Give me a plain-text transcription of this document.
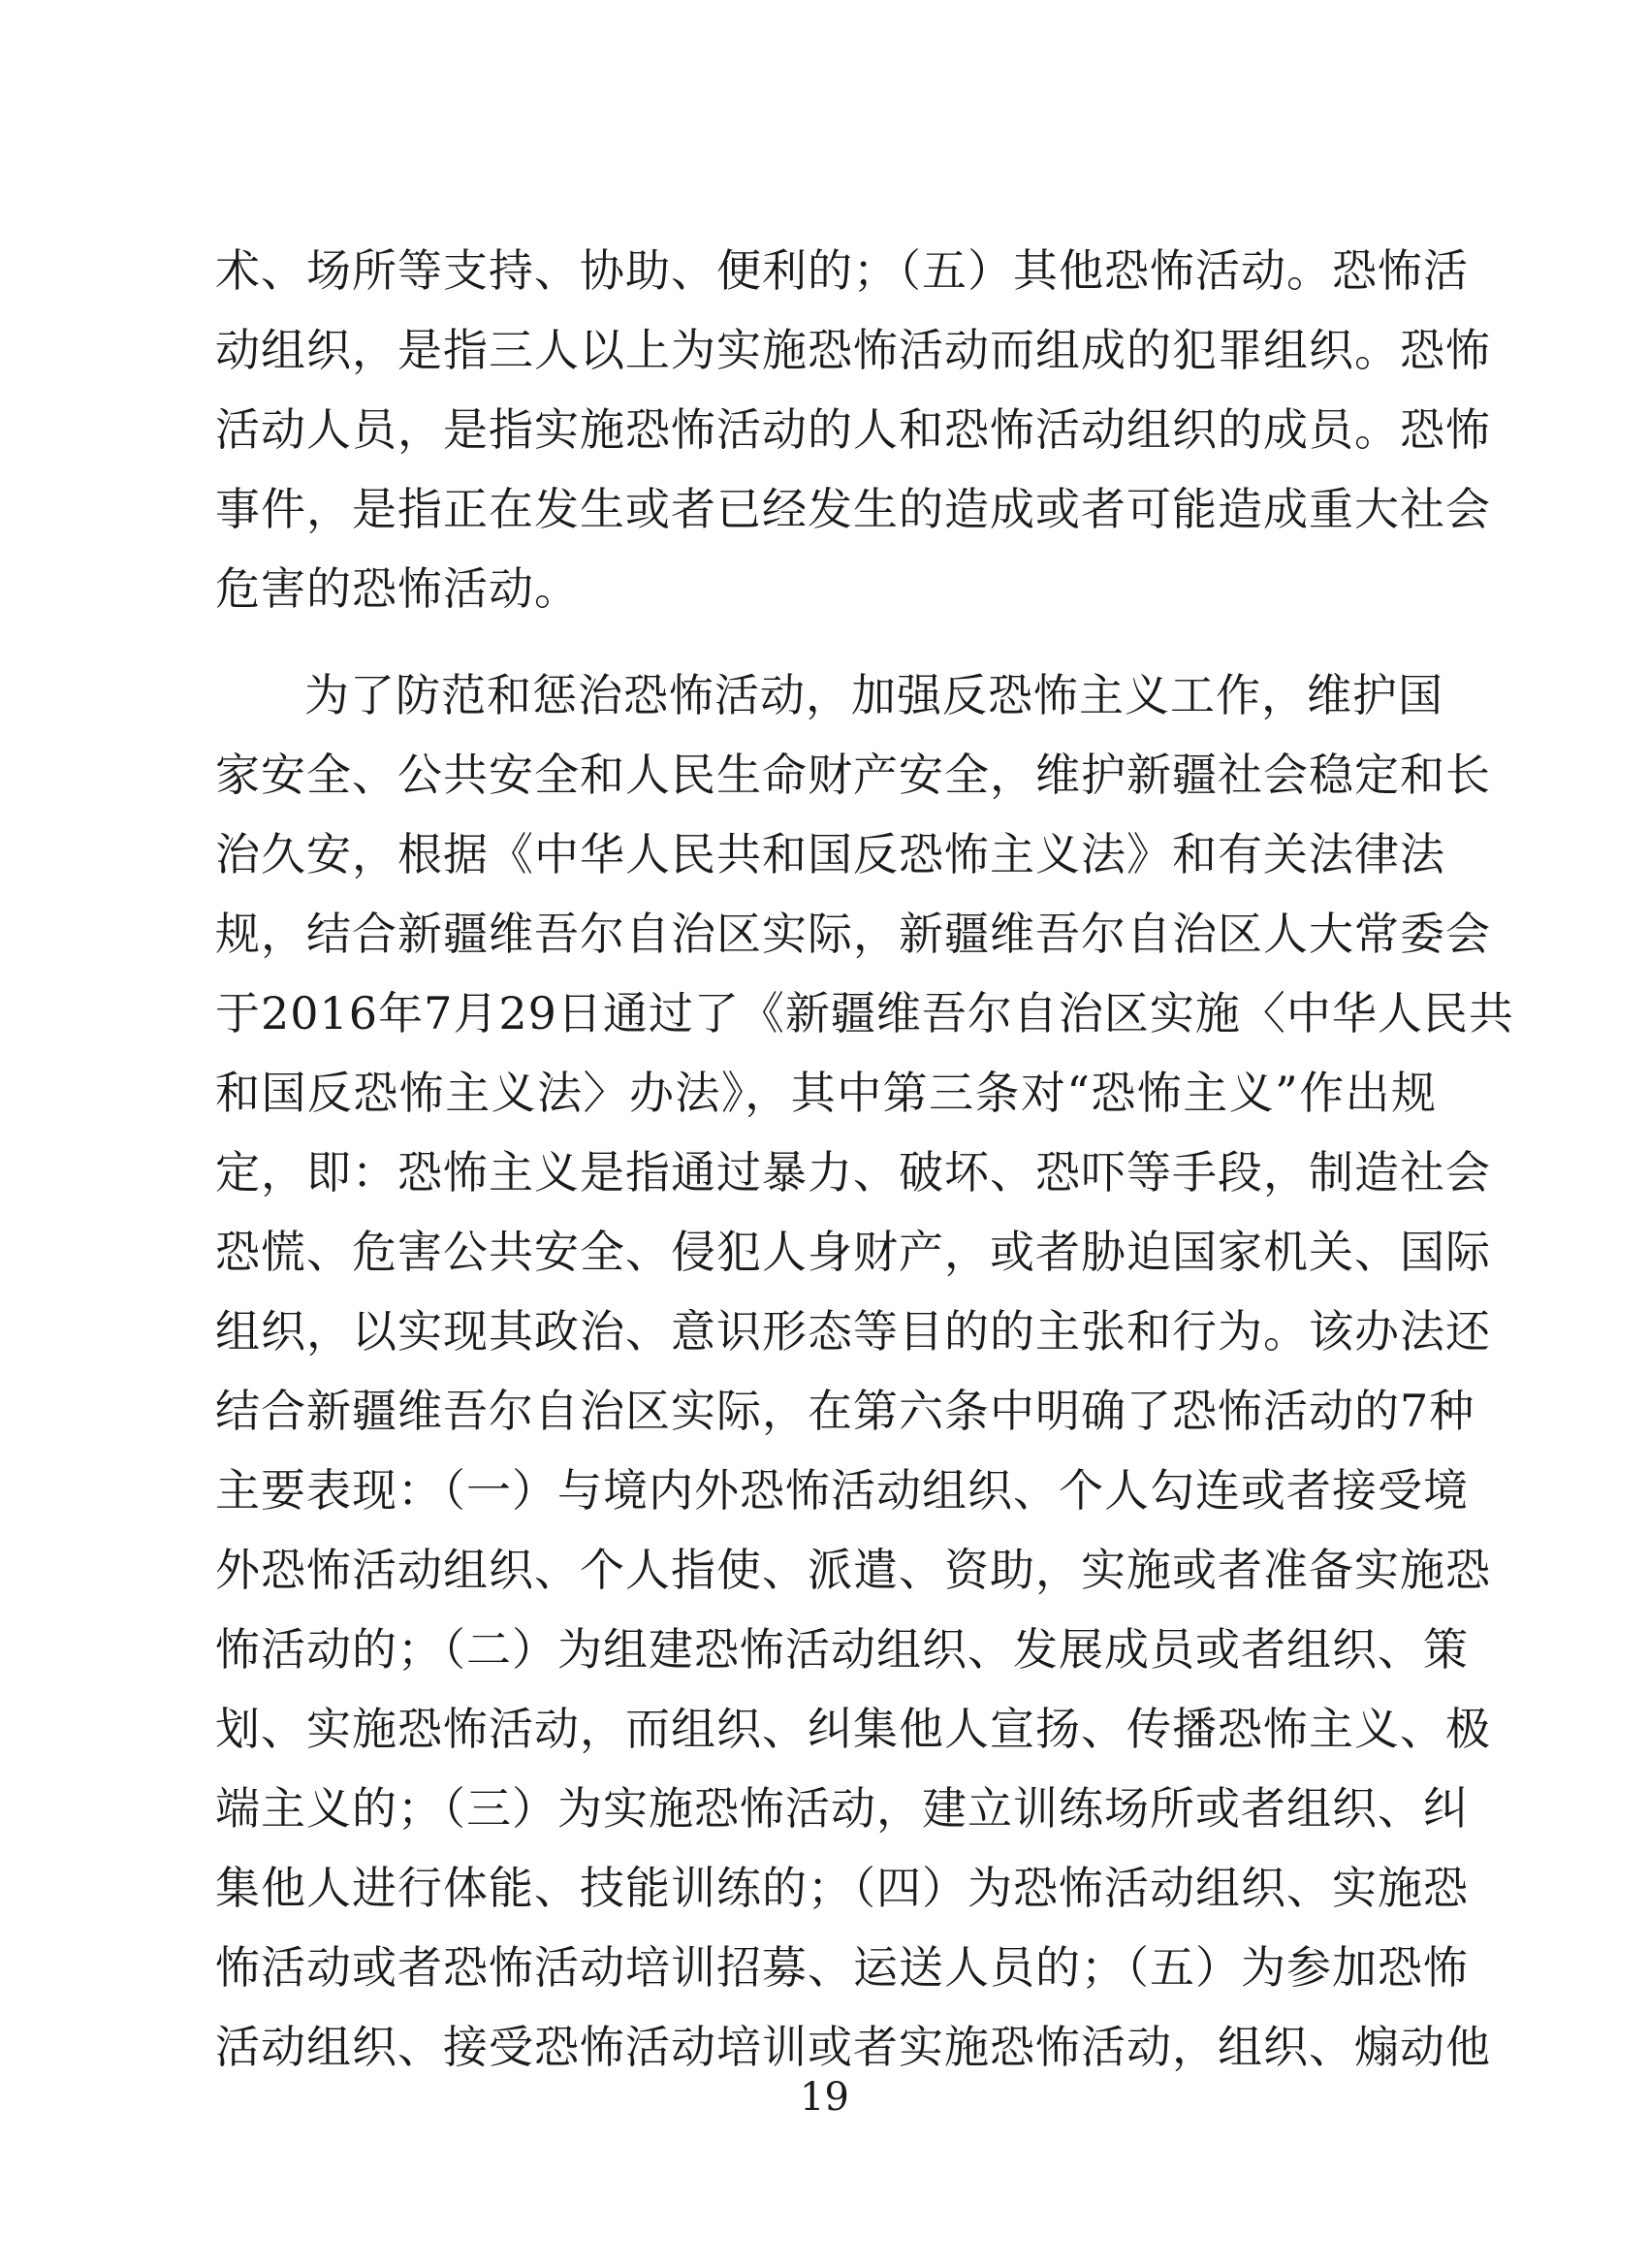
术、场所等支持、协助、便利的；（五）其他恐怖活动。恐怖活
动组织，是指三人以上为实施恐怖活动而组成的犯罪组织。恐怖
活动人员，是指实施恐怖活动的人和恐怖活动组织的成员。恐怖
事件，是指正在发生或者已经发生的造成或者可能造成重大社会
危害的恐怖活动。
为了防范和惩治恐怖活动，加强反恐怖主义工作，维护国
家安全、公共安全和人民生命财产安全，维护新疆社会稳定和长
治久安，根据《中华人民共和国反恐怖主义法》和有关法律法
规，结合新疆维吾尔自治区实际，新疆维吾尔自治区人大常委会
于2016年7月29日通过了《新疆维吾尔自治区实施〈中华人民共
和国反恐怖主义法〉办法》，其中第三条对“恐怖主义”作出规
定，即：恐怖主义是指通过暴力、破坏、恐吓等手段，制造社会
恐慌、危害公共安全、侵犯人身财产，或者胁迫国家机关、国际
组织，以实现其政治、意识形态等目的的主张和行为。该办法还
结合新疆维吾尔自治区实际，在第六条中明确了恐怖活动的7种
主要表现：（一）与境内外恐怖活动组织、个人勾连或者接受境
外恐怖活动组织、个人指使、派遣、资助，实施或者准备实施恐
怖活动的；（二）为组建恐怖活动组织、发展成员或者组织、策
划、实施恐怖活动，而组织、纠集他人宣扬、传播恐怖主义、极
端主义的；（三）为实施恐怖活动，建立训练场所或者组织、纠
集他人进行体能、技能训练的；（四）为恐怖活动组织、实施恐
怖活动或者恐怖活动培训招募、运送人员的；（五）为参加恐怖
活动组织、接受恐怖活动培训或者实施恐怖活动，组织、煽动他
19
